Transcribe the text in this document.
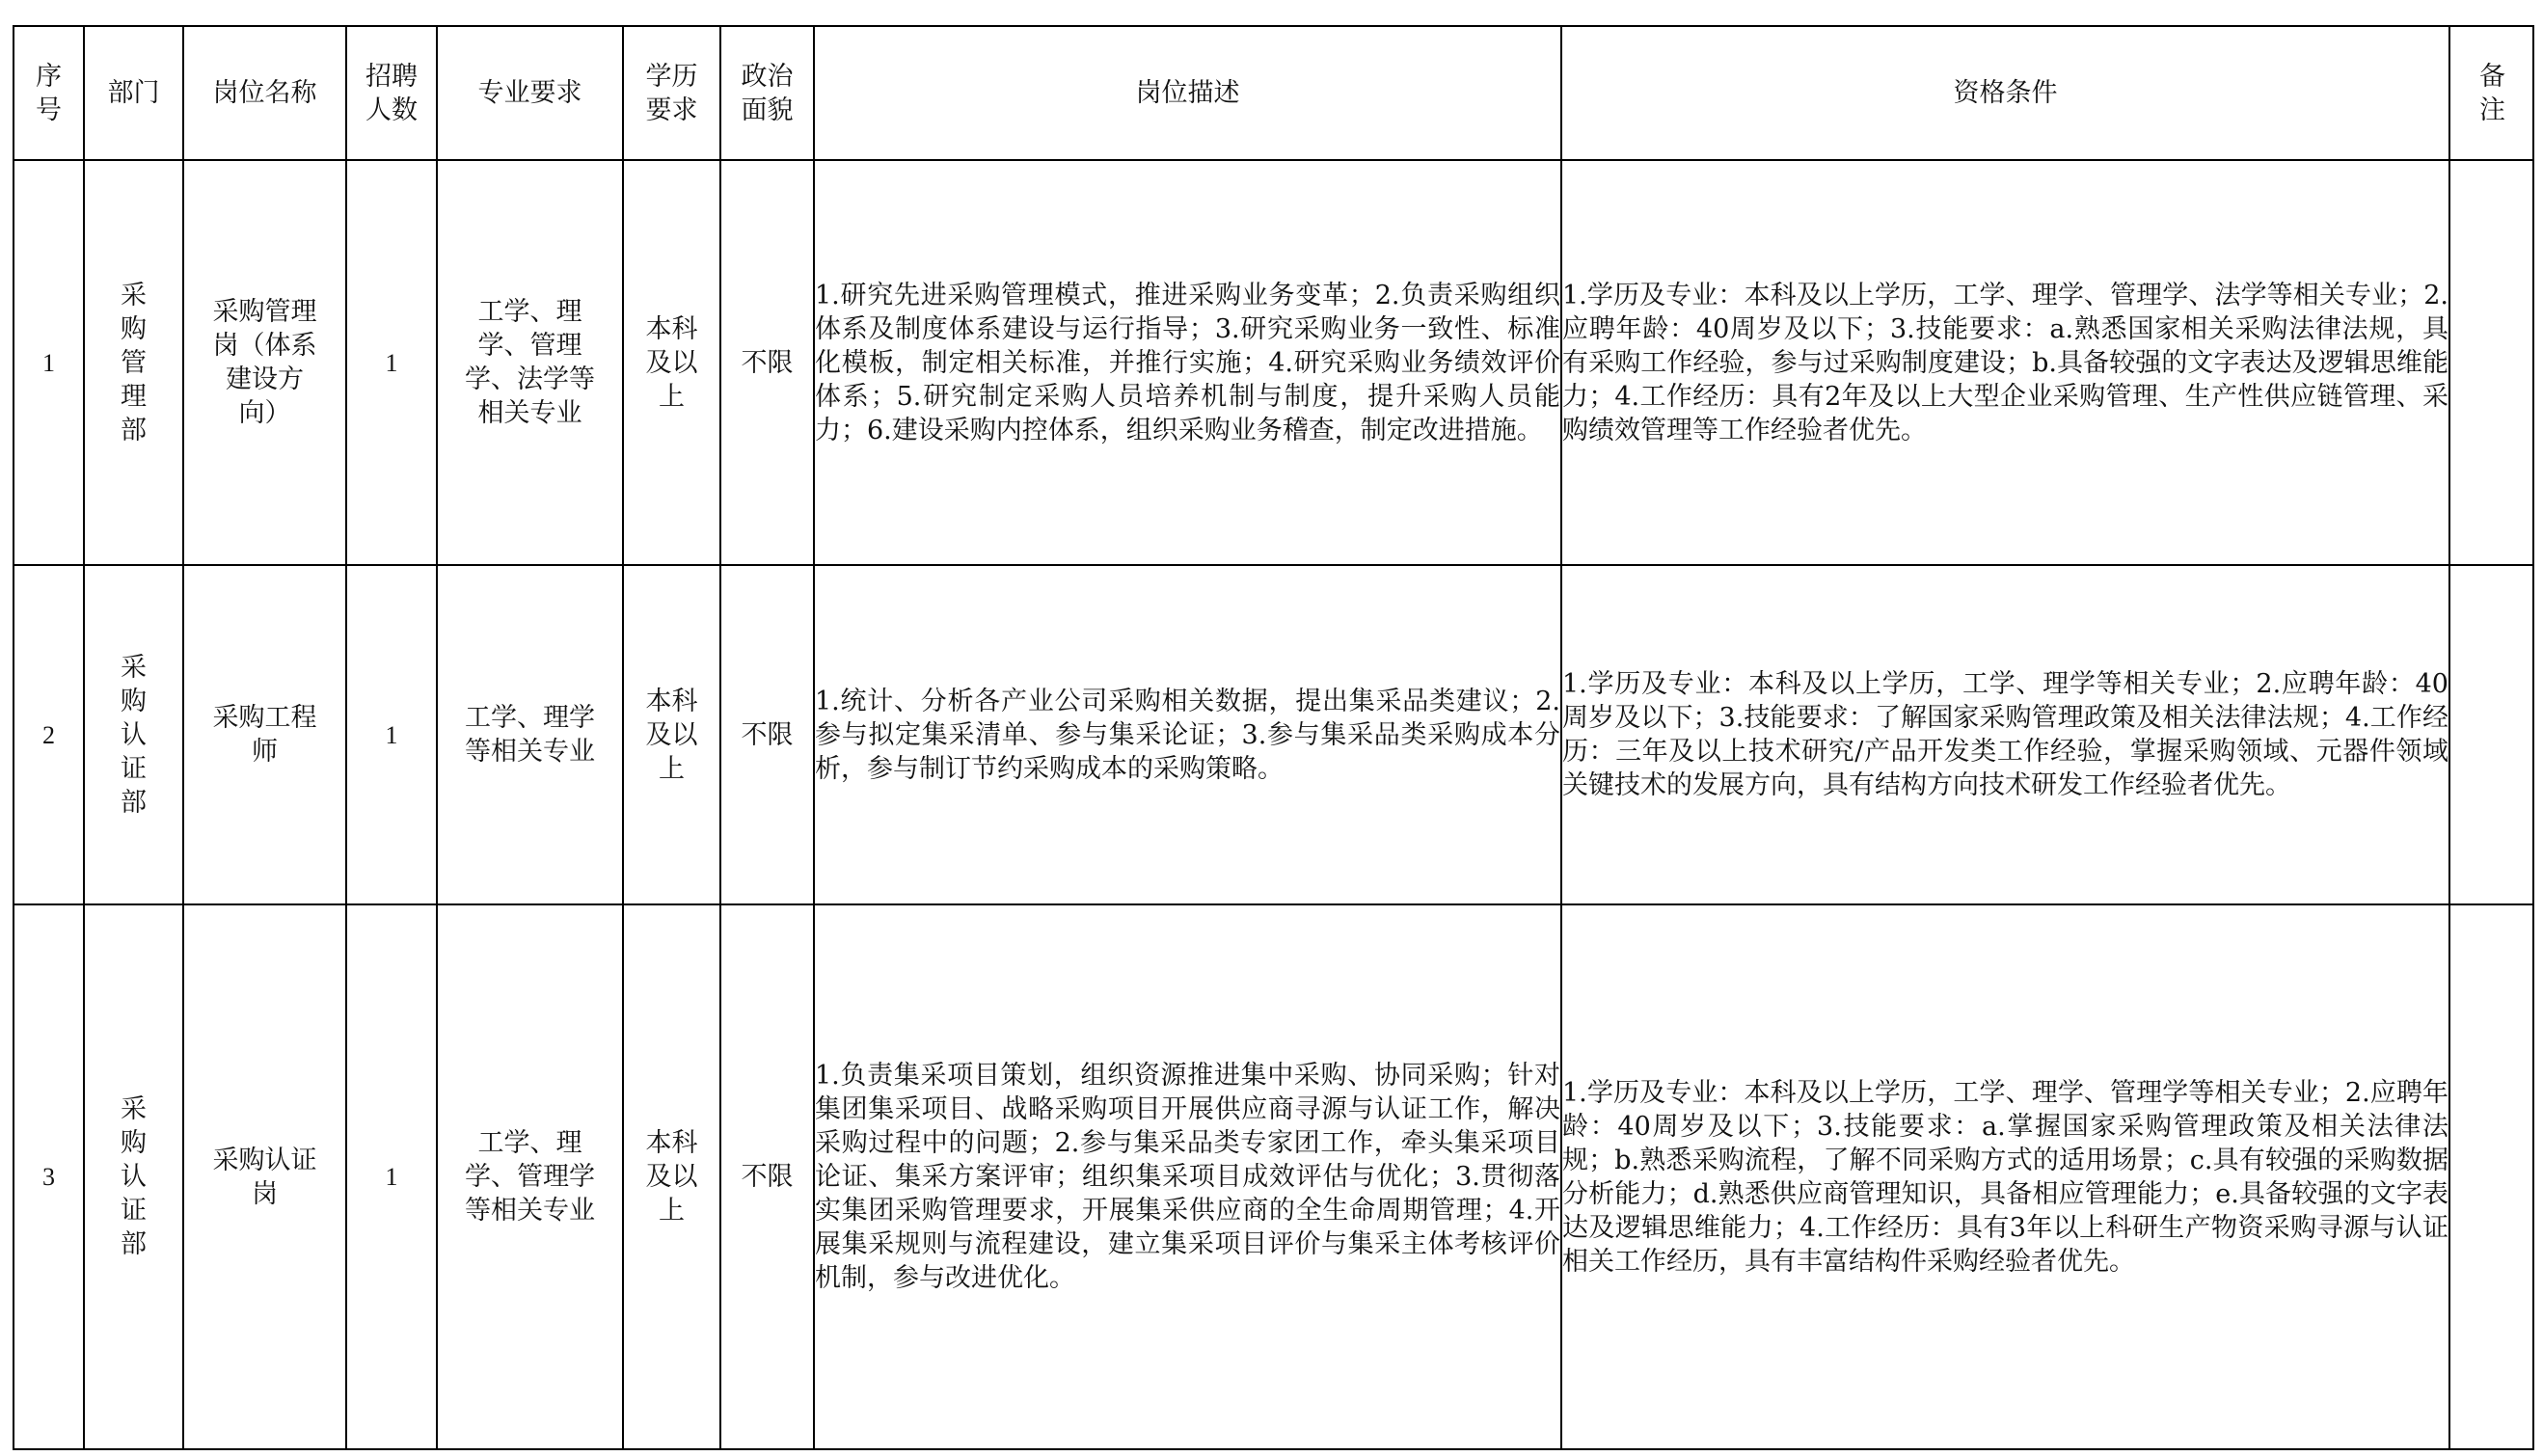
序号	部门	岗位名称	招聘人数	专业要求	学历要求	政治面貌	岗位描述	资格条件	备注
1	采购管理部	采购管理岗（体系建设方向）	1	工学、理学、管理学、法学等相关专业	本科及以上	不限	1.研究先进采购管理模式，推进采购业务变革；2.负责采购组织体系及制度体系建设与运行指导；3.研究采购业务一致性、标准化模板，制定相关标准，并推行实施；4.研究采购业务绩效评价体系；5.研究制定采购人员培养机制与制度，提升采购人员能力；6.建设采购内控体系，组织采购业务稽查，制定改进措施。	1.学历及专业：本科及以上学历，工学、理学、管理学、法学等相关专业；2.应聘年龄：40周岁及以下；3.技能要求：a.熟悉国家相关采购法律法规，具有采购工作经验，参与过采购制度建设；b.具备较强的文字表达及逻辑思维能力；4.工作经历：具有2年及以上大型企业采购管理、生产性供应链管理、采购绩效管理等工作经验者优先。	

2	采购认证部	采购工程师	1	工学、理学等相关专业	本科及以上	不限	1.统计、分析各产业公司采购相关数据，提出集采品类建议；2.参与拟定集采清单、参与集采论证；3.参与集采品类采购成本分析，参与制订节约采购成本的采购策略。	1.学历及专业：本科及以上学历，工学、理学等相关专业；2.应聘年龄：40周岁及以下；3.技能要求：了解国家采购管理政策及相关法律法规；4.工作经历：三年及以上技术研究/产品开发类工作经验，掌握采购领域、元器件领域关键技术的发展方向，具有结构方向技术研发工作经验者优先。	

3	采购认证部	采购认证岗	1	工学、理学、管理学等相关专业	本科及以上	不限	1.负责集采项目策划，组织资源推进集中采购、协同采购；针对集团集采项目、战略采购项目开展供应商寻源与认证工作，解决采购过程中的问题；2.参与集采品类专家团工作，牵头集采项目论证、集采方案评审；组织集采项目成效评估与优化；3.贯彻落实集团采购管理要求，开展集采供应商的全生命周期管理；4.开展集采规则与流程建设，建立集采项目评价与集采主体考核评价机制，参与改进优化。	1.学历及专业：本科及以上学历，工学、理学、管理学等相关专业；2.应聘年龄：40周岁及以下；3.技能要求：a.掌握国家采购管理政策及相关法律法规；b.熟悉采购流程，了解不同采购方式的适用场景；c.具有较强的采购数据分析能力；d.熟悉供应商管理知识，具备相应管理能力；e.具备较强的文字表达及逻辑思维能力；4.工作经历：具有3年以上科研生产物资采购寻源与认证相关工作经历，具有丰富结构件采购经验者优先。	
